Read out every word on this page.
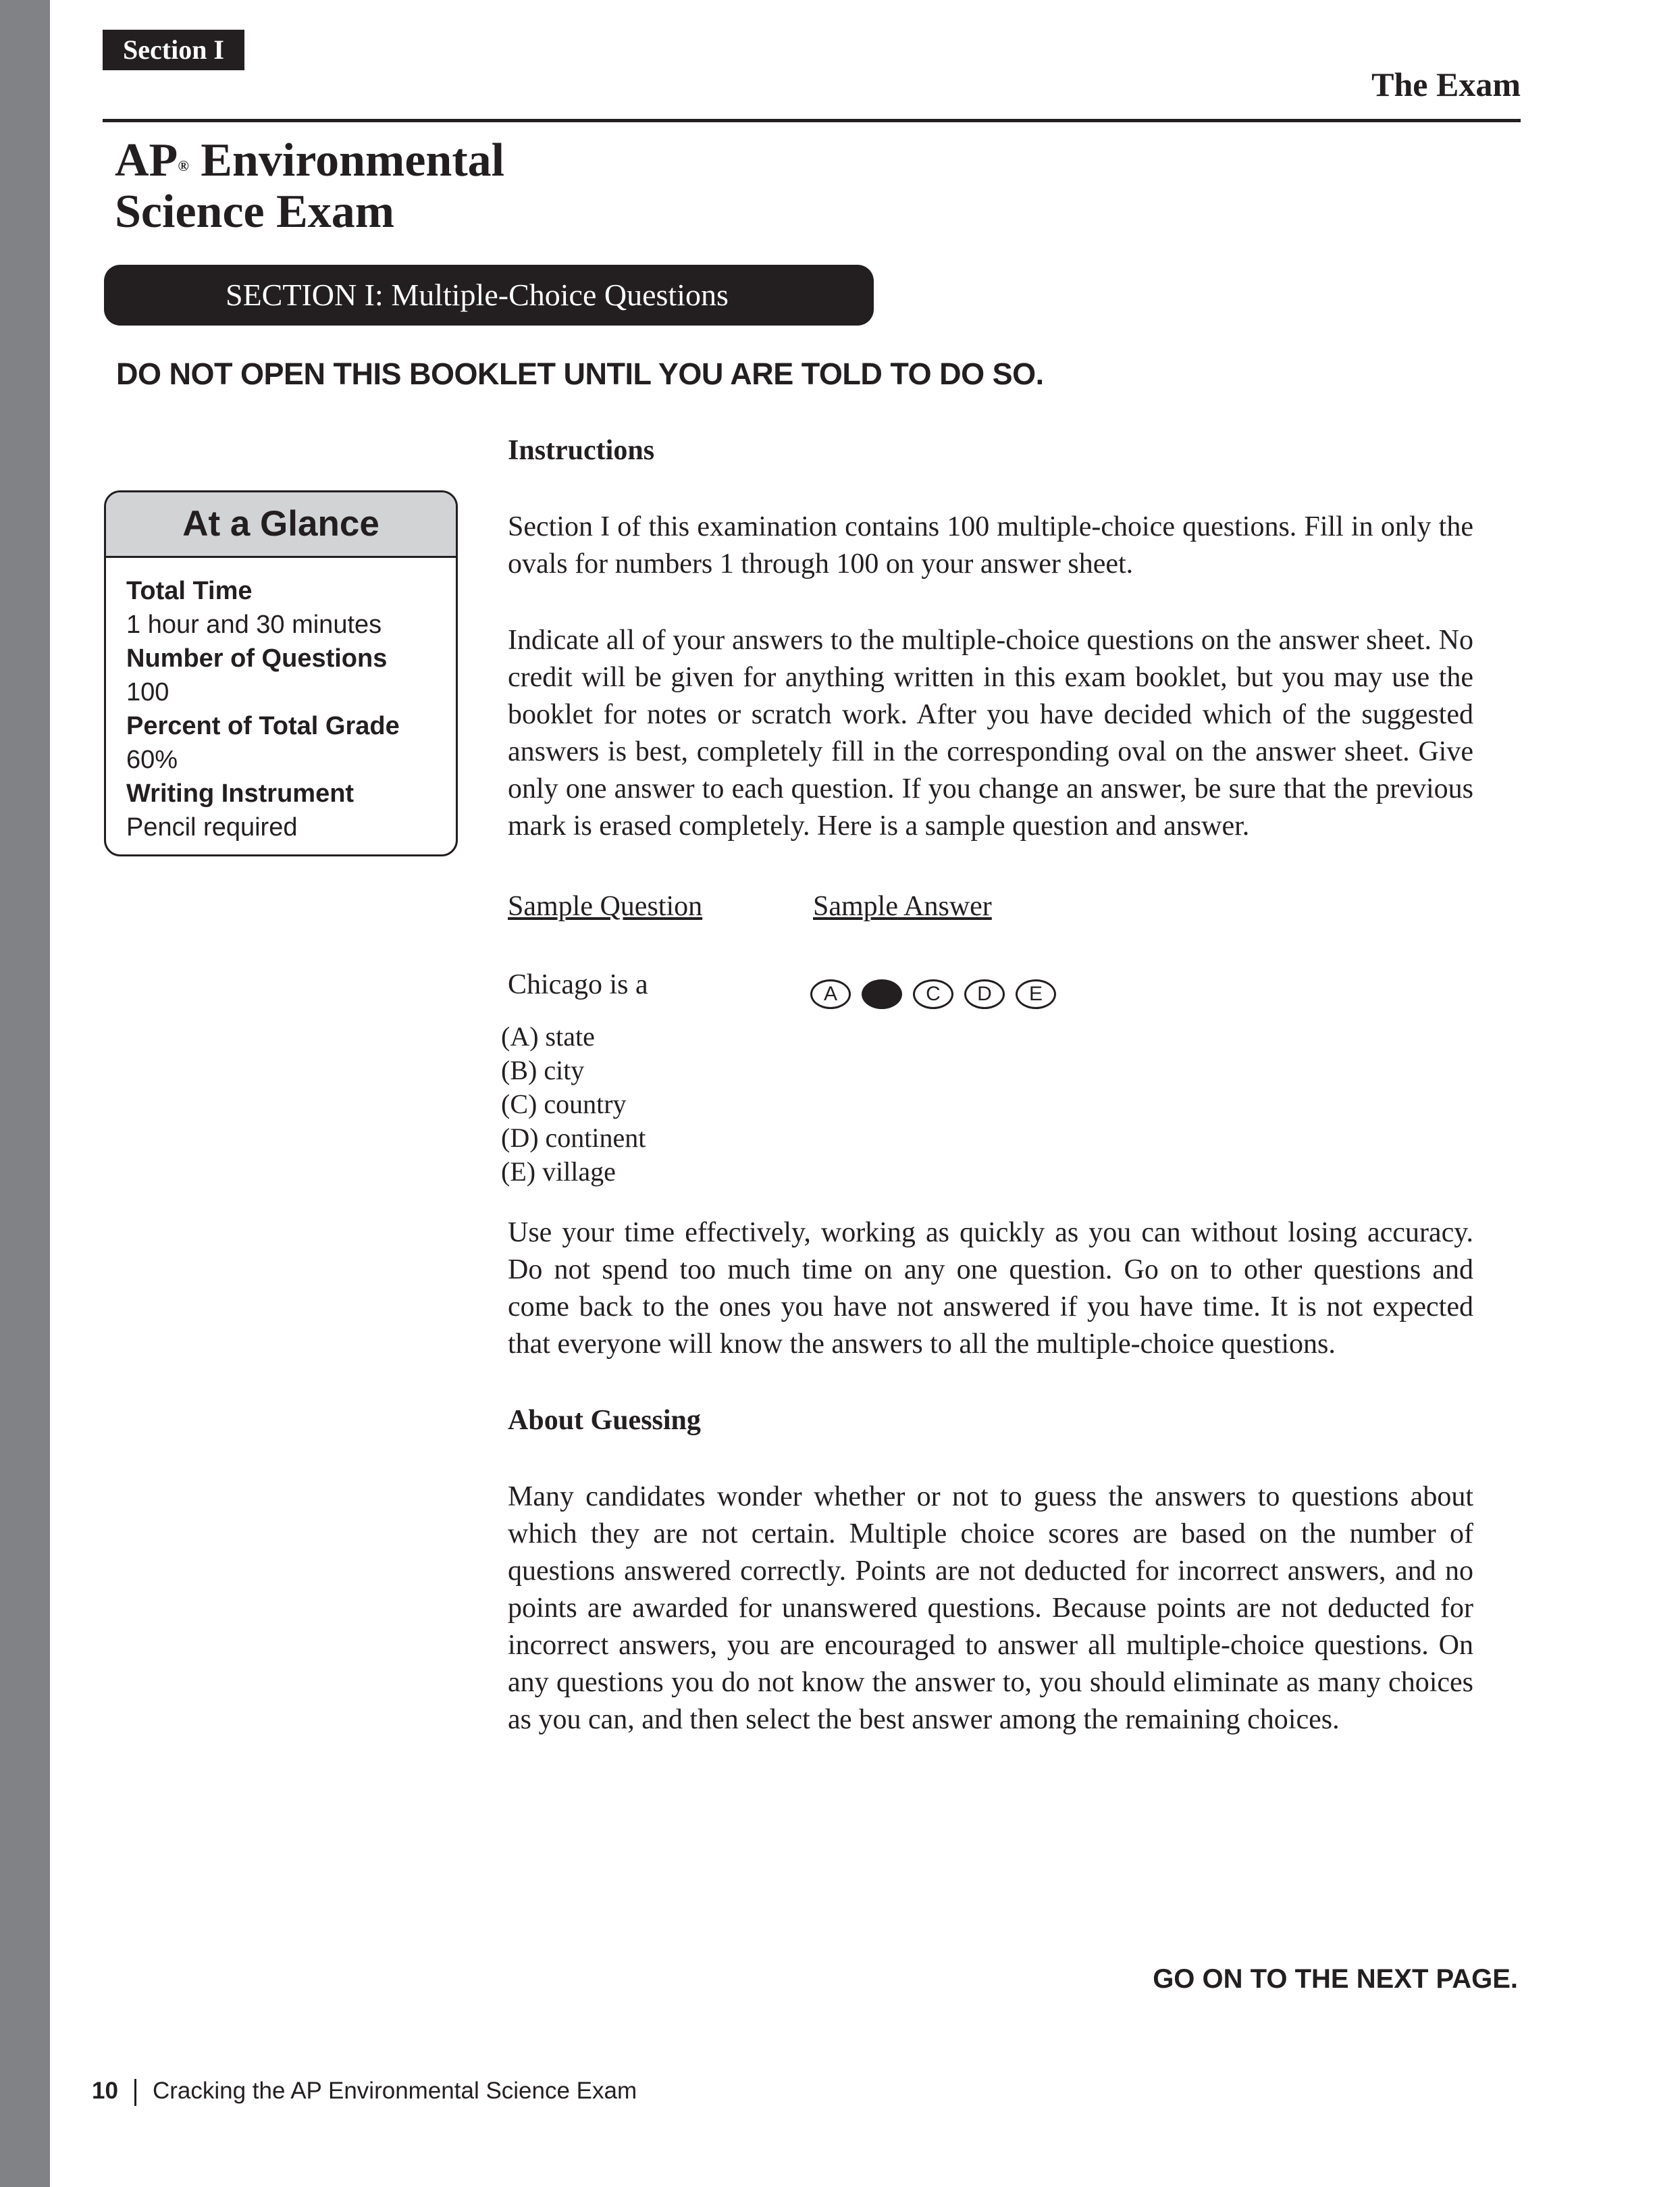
Section I
The Exam
AP® Environmental
Science Exam
SECTION I: Multiple-Choice Questions
DO NOT OPEN THIS BOOKLET UNTIL YOU ARE TOLD TO DO SO.
At a Glance
Total Time
1 hour and 30 minutes
Number of Questions
100
Percent of Total Grade
60%
Writing Instrument
Pencil required

Instructions

Section I of this examination contains 100 multiple-choice questions. Fill in only the ovals for numbers 1 through 100 on your answer sheet.

Indicate all of your answers to the multiple-choice questions on the answer sheet. No credit will be given for anything written in this exam booklet, but you may use the booklet for notes or scratch work. After you have decided which of the suggested answers is best, completely fill in the corresponding oval on the answer sheet. Give only one answer to each question. If you change an answer, be sure that the previous mark is erased completely. Here is a sample question and answer.

Sample Question	Sample Answer
Chicago is a	A	B	C	D	E
(A) state
(B) city
(C) country
(D) continent
(E) village

Use your time effectively, working as quickly as you can without losing accuracy. Do not spend too much time on any one question. Go on to other questions and come back to the ones you have not answered if you have time. It is not expected that everyone will know the answers to all the multiple-choice questions.

About Guessing

Many candidates wonder whether or not to guess the answers to questions about which they are not certain. Multiple choice scores are based on the number of questions answered correctly. Points are not deducted for incorrect answers, and no points are awarded for unanswered questions. Because points are not deducted for incorrect answers, you are encouraged to answer all multiple-choice questions. On any questions you do not know the answer to, you should eliminate as many choices as you can, and then select the best answer among the remaining choices.

GO ON TO THE NEXT PAGE.
10 Cracking the AP Environmental Science Exam
